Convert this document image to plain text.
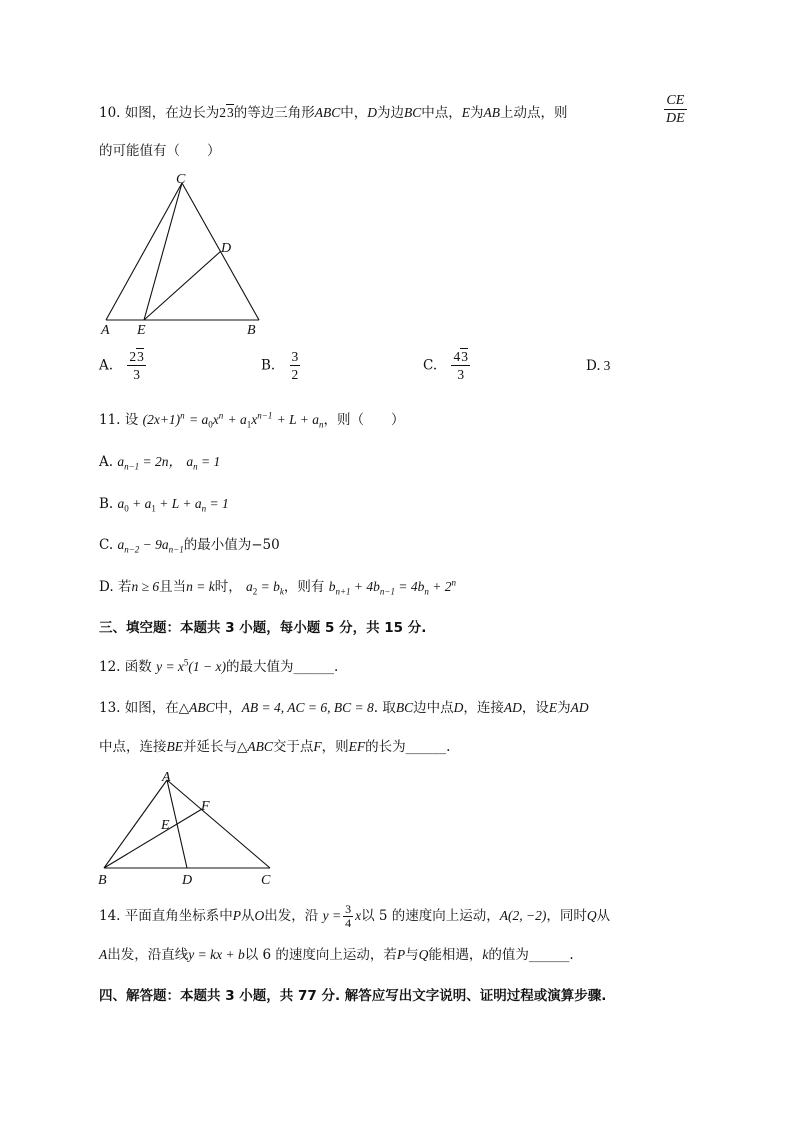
10. 如图，在边长为23的等边三角形ABC中，D为边BC中点，E为AB上动点，则	$\frac{CE}{DE}$
的可能值有（　　）
A E	B
C
D
A. $\frac{23}{3}$	B. $\frac{3}{2}$	C. $\frac{43}{3}$	D. 3
11. 设 $(2x+1)^n = a_0x^n + a_1x^{n-1} + L + a_n$，则（　　）
A. $a_{n-1} = 2n$， $a_n = 1$
B. $a_0 + a_1 + L + a_n = 1$
C. $a_{n-2} - 9a_{n-1}$的最小值为−50
D. 若n ≥ 6且当n = k时， $a_2 = b_k$，则有 $b_{n+1} + 4b_{n-1} = 4b_n + 2^n$
三、填空题：本题共 3 小题，每小题 5 分，共 15 分.
12. 函数 $y = x^5(1 - x)$的最大值为______.
13. 如图，在△ABC中，AB = 4, AC = 6, BC = 8. 取BC边中点D，连接AD，设E为AD
中点，连接BE并延长与△ABC交于点F，则EF的长为______.
A
F
E
B	D	C
14. 平面直角坐标系中P从O出发，沿 $y = \frac{3}{4}$ x以 5 的速度向上运动，A(2, −2)，同时Q从
A出发，沿直线y = kx + b以 6 的速度向上运动，若P与Q能相遇，k的值为______.
四、解答题：本题共 3 小题，共 77 分. 解答应写出文字说明、证明过程或演算步骤.
